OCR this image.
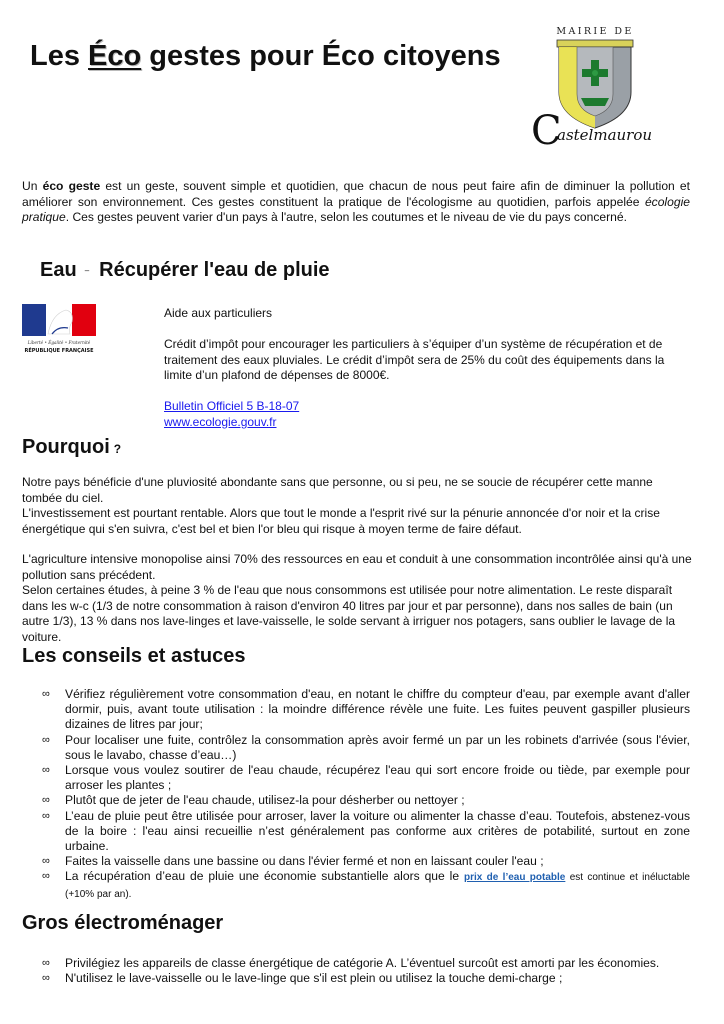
Les Éco gestes pour Éco citoyens
MAIRIE DE
C
astelmaurou

Un éco geste est un geste, souvent simple et quotidien, que chacun de nous peut faire afin de diminuer la pollution et améliorer son environnement. Ces gestes constituent la pratique de l'écologisme au quotidien, parfois appelée écologie pratique. Ces gestes peuvent varier d'un pays à l'autre, selon les coutumes et le niveau de vie du pays concerné.

Eau – Récupérer l'eau de pluie
Liberté • Égalité • Fraternité
RÉPUBLIQUE FRANÇAISE

Aide aux particuliers

Crédit d’impôt pour encourager les particuliers à s’équiper d’un système de récupération et de traitement des eaux pluviales. Le crédit d’impôt sera de 25% du coût des équipements dans la limite d’un plafond de dépenses de 8000€.

Bulletin Officiel 5 B-18-07
www.ecologie.gouv.fr
Pourquoi ?

Notre pays bénéficie d'une pluviosité abondante sans que personne, ou si peu, ne se soucie de récupérer cette manne tombée du ciel.

L'investissement est pourtant rentable. Alors que tout le monde a l'esprit rivé sur la pénurie annoncée d'or noir et la crise énergétique qui s'en suivra, c'est bel et bien l'or bleu qui risque à moyen terme de faire défaut.

L'agriculture intensive monopolise ainsi 70% des ressources en eau et conduit à une consommation incontrôlée ainsi qu'à une pollution sans précédent.

Selon certaines études, à peine 3 % de l'eau que nous consommons est utilisée pour notre alimentation. Le reste disparaît dans les w-c (1/3 de notre consommation à raison d'environ 40 litres par jour et par personne), dans nos salles de bain (un autre 1/3), 13 % dans nos lave-linges et lave-vaisselle, le solde servant à irriguer nos potagers, sans oublier le lavage de la voiture.

Les conseils et astuces
∞ Vérifiez régulièrement votre consommation d'eau, en notant le chiffre du compteur d'eau, par exemple avant d'aller dormir, puis, avant toute utilisation : la moindre différence révèle une fuite. Les fuites peuvent gaspiller plusieurs dizaines de litres par jour;
∞ Pour localiser une fuite, contrôlez la consommation après avoir fermé un par un les robinets d'arrivée (sous l'évier, sous le lavabo, chasse d’eau…)
∞ Lorsque vous voulez soutirer de l'eau chaude, récupérez l'eau qui sort encore froide ou tiède, par exemple pour arroser les plantes ;
∞ Plutôt que de jeter de l'eau chaude, utilisez-la pour désherber ou nettoyer ;
∞ L’eau de pluie peut être utilisée pour arroser, laver la voiture ou alimenter la chasse d’eau. Toutefois, abstenez-vous de la boire : l'eau ainsi recueillie n’est généralement pas conforme aux critères de potabilité, surtout en zone urbaine.
∞ Faites la vaisselle dans une bassine ou dans l'évier fermé et non en laissant couler l'eau ;
∞ La récupération d’eau de pluie une économie substantielle alors que le prix de l’eau potable est continue et inéluctable (+10% par an).
Gros électroménager
∞ Privilégiez les appareils de classe énergétique de catégorie A. L’éventuel surcoût est amorti par les économies.
∞ N'utilisez le lave-vaisselle ou le lave-linge que s'il est plein ou utilisez la touche demi-charge ;
